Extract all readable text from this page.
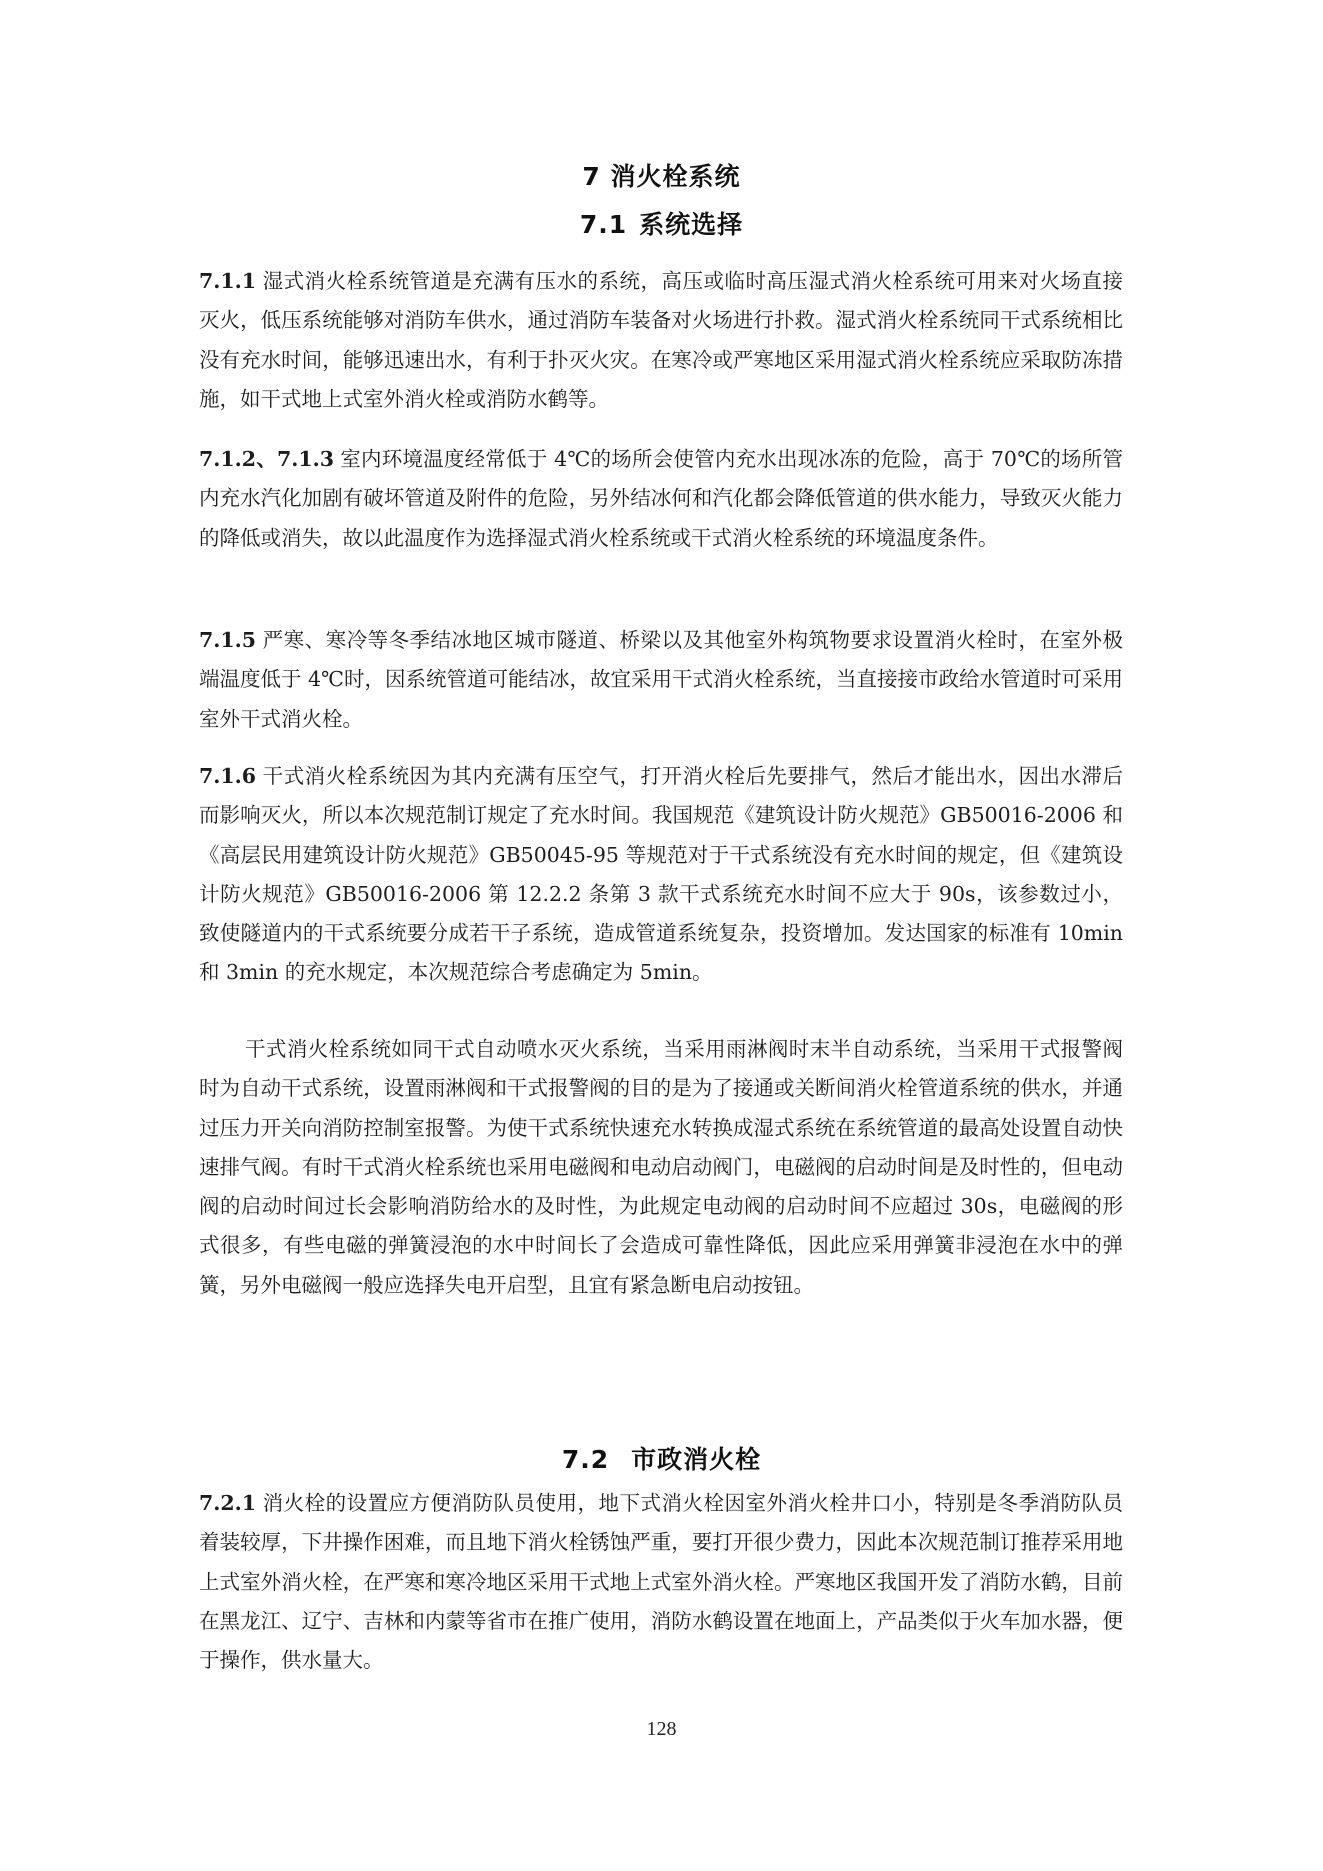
7 消火栓系统
7.1 系统选择
7.1.1 湿式消火栓系统管道是充满有压水的系统，高压或临时高压湿式消火栓系统可用来对火场直接灭火，低压系统能够对消防车供水，通过消防车装备对火场进行扑救。湿式消火栓系统同干式系统相比没有充水时间，能够迅速出水，有利于扑灭火灾。在寒冷或严寒地区采用湿式消火栓系统应采取防冻措施，如干式地上式室外消火栓或消防水鹤等。
7.1.2、7.1.3 室内环境温度经常低于 4℃的场所会使管内充水出现冰冻的危险，高于 70℃的场所管内充水汽化加剧有破坏管道及附件的危险，另外结冰何和汽化都会降低管道的供水能力，导致灭火能力的降低或消失，故以此温度作为选择湿式消火栓系统或干式消火栓系统的环境温度条件。
7.1.5 严寒、寒冷等冬季结冰地区城市隧道、桥梁以及其他室外构筑物要求设置消火栓时，在室外极端温度低于 4℃时，因系统管道可能结冰，故宜采用干式消火栓系统，当直接接市政给水管道时可采用室外干式消火栓。
7.1.6 干式消火栓系统因为其内充满有压空气，打开消火栓后先要排气，然后才能出水，因出水滞后而影响灭火，所以本次规范制订规定了充水时间。我国规范《建筑设计防火规范》GB50016-2006 和《高层民用建筑设计防火规范》GB50045-95 等规范对于干式系统没有充水时间的规定，但《建筑设计防火规范》GB50016-2006 第 12.2.2 条第 3 款干式系统充水时间不应大于 90s，该参数过小，致使隧道内的干式系统要分成若干子系统，造成管道系统复杂，投资增加。发达国家的标准有 10min 和 3min 的充水规定，本次规范综合考虑确定为 5min。
干式消火栓系统如同干式自动喷水灭火系统，当采用雨淋阀时末半自动系统，当采用干式报警阀时为自动干式系统，设置雨淋阀和干式报警阀的目的是为了接通或关断间消火栓管道系统的供水，并通过压力开关向消防控制室报警。为使干式系统快速充水转换成湿式系统在系统管道的最高处设置自动快速排气阀。有时干式消火栓系统也采用电磁阀和电动启动阀门，电磁阀的启动时间是及时性的，但电动阀的启动时间过长会影响消防给水的及时性，为此规定电动阀的启动时间不应超过 30s，电磁阀的形式很多，有些电磁的弹簧浸泡的水中时间长了会造成可靠性降低，因此应采用弹簧非浸泡在水中的弹簧，另外电磁阀一般应选择失电开启型，且宜有紧急断电启动按钮。
7.2 市政消火栓
7.2.1 消火栓的设置应方便消防队员使用，地下式消火栓因室外消火栓井口小，特别是冬季消防队员着装较厚，下井操作困难，而且地下消火栓锈蚀严重，要打开很少费力，因此本次规范制订推荐采用地上式室外消火栓，在严寒和寒冷地区采用干式地上式室外消火栓。严寒地区我国开发了消防水鹤，目前在黑龙江、辽宁、吉林和内蒙等省市在推广使用，消防水鹤设置在地面上，产品类似于火车加水器，便于操作，供水量大。
128
